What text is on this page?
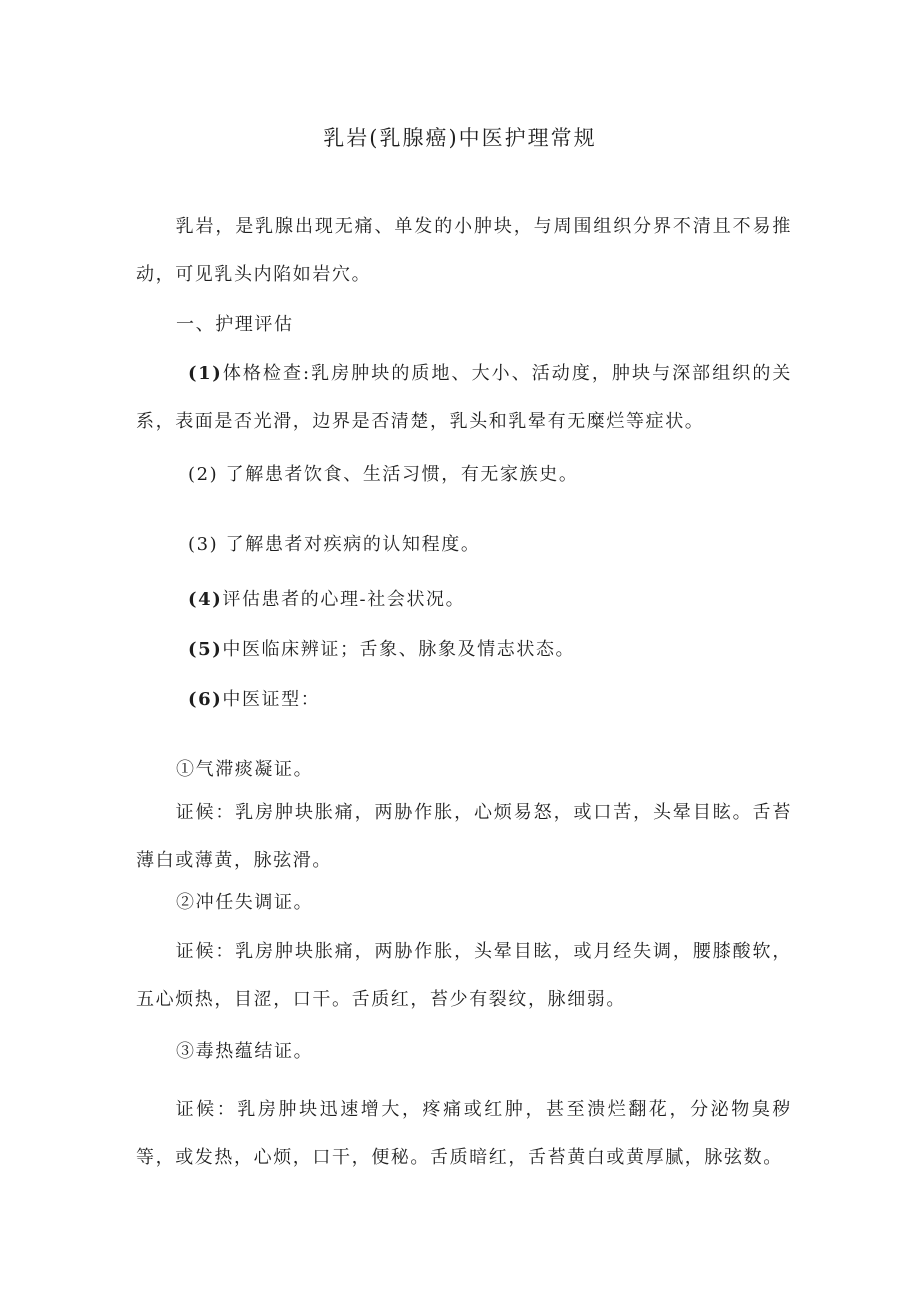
乳岩(乳腺癌)中医护理常规
乳岩，是乳腺出现无痛、单发的小肿块，与周围组织分界不清且不易推动，可见乳头内陷如岩穴。
一、护理评估
(1)体格检查:乳房肿块的质地、大小、活动度，肿块与深部组织的关系，表面是否光滑，边界是否清楚，乳头和乳晕有无糜烂等症状。
(2) 了解患者饮食、生活习惯，有无家族史。
(3) 了解患者对疾病的认知程度。
(4)评估患者的心理-社会状况。
(5)中医临床辨证；舌象、脉象及情志状态。
(6)中医证型：
①气滞痰凝证。
证候：乳房肿块胀痛，两胁作胀，心烦易怒，或口苦，头晕目眩。舌苔薄白或薄黄，脉弦滑。
②冲任失调证。
证候：乳房肿块胀痛，两胁作胀，头晕目眩，或月经失调，腰膝酸软，五心烦热，目涩，口干。舌质红，苔少有裂纹，脉细弱。
③毒热蕴结证。
证候：乳房肿块迅速增大，疼痛或红肿，甚至溃烂翻花，分泌物臭秽等，或发热，心烦，口干，便秘。舌质暗红，舌苔黄白或黄厚腻，脉弦数。
